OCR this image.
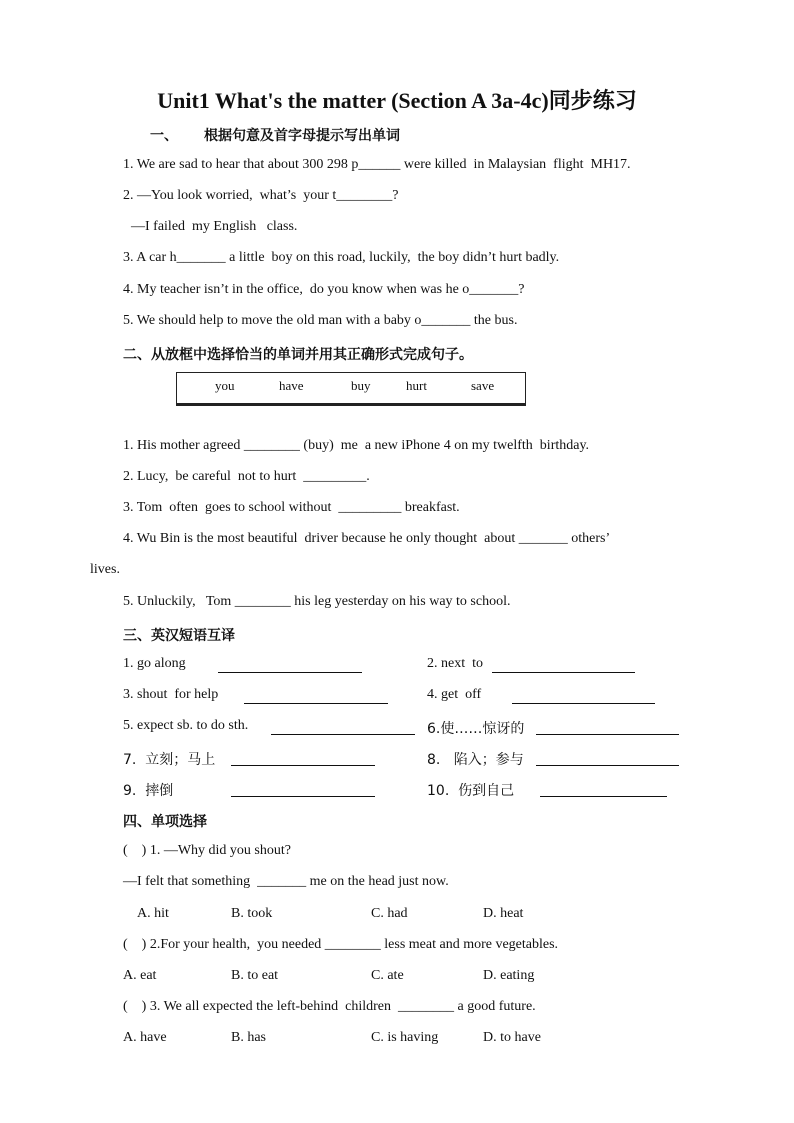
Unit1 What's the matter (Section A 3a-4c)同步练习
一、 根据句意及首字母提示写出单词
1. We are sad to hear that about 300 298 p______ were killed  in Malaysian  flight  MH17.
2. —You look worried,  what’s  your t________?
—I failed  my English   class.
3. A car h_______ a little  boy on this road, luckily,  the boy didn’t hurt badly.
4. My teacher isn’t in the office,  do you know when was he o_______?
5. We should help to move the old man with a baby o_______ the bus.
二、从放框中选择恰当的单词并用其正确形式完成句子。
you	have	buy	hurt	save
1. His mother agreed ________ (buy)  me  a new iPhone 4 on my twelfth  birthday.
2. Lucy,  be careful  not to hurt  _________.
3. Tom  often  goes to school without  _________ breakfast.
4. Wu Bin is the most beautiful  driver because he only thought  about _______ others’
lives.
5. Unluckily,   Tom ________ his leg yesterday on his way to school.
三、英汉短语互译
1. go along	2. next  to
3. shout  for help	4. get  off
5. expect sb. to do sth.	6.使……惊讶的
7.  立刻；马上	8.   陷入；参与
9.  摔倒	10.  伤到自己
四、单项选择
(    ) 1. —Why did you shout?
—I felt that something  _______ me on the head just now.
A. hit	B. took	C. had	D. heat
(    ) 2.For your health,  you needed ________ less meat and more vegetables.
A. eat	B. to eat	C. ate	D. eating
(    ) 3. We all expected the left-behind  children  ________ a good future.
A. have	B. has	C. is having	D. to have
